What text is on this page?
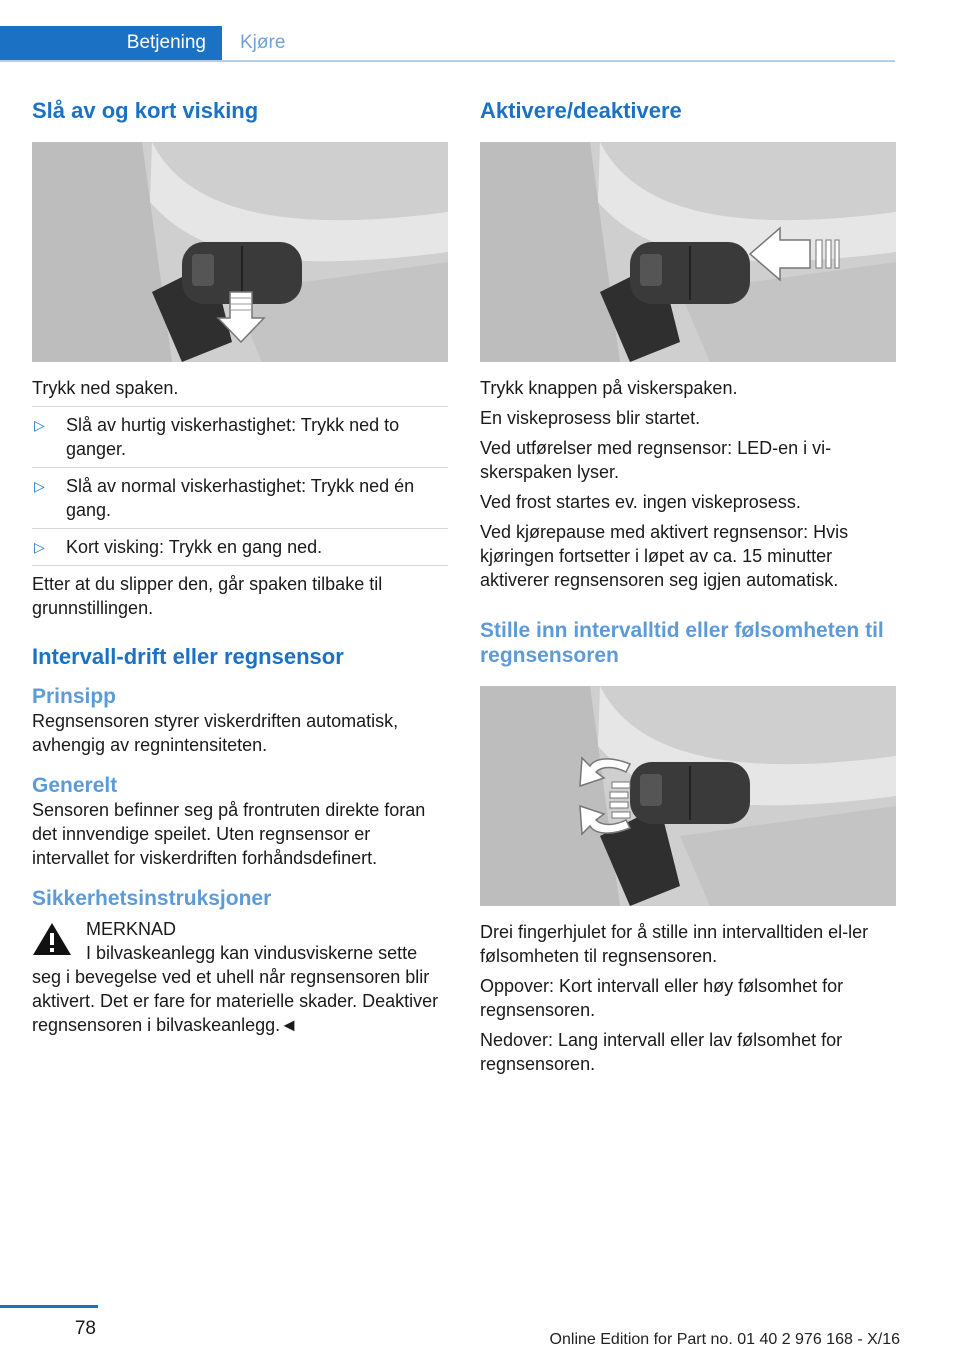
Betjening	Kjøre
Slå av og kort visking

Trykk ned spaken.

▷ Slå av hurtig viskerhastighet: Trykk ned to ganger.
▷ Slå av normal viskerhastighet: Trykk ned én gang.
▷ Kort visking: Trykk en gang ned.

Etter at du slipper den, går spaken tilbake til grunnstillingen.

Intervall-drift eller regnsensor
Prinsipp

Regnsensoren styrer viskerdriften automatisk, avhengig av regnintensiteten.

Generelt

Sensoren befinner seg på frontruten direkte foran det innvendige speilet. Uten regnsensor er intervallet for viskerdriften forhåndsdefinert.

Sikkerhetsinstruksjoner

MERKNAD

I bilvaskeanlegg kan vindusviskerne sette seg i bevegelse ved et uhell når regnsensoren blir aktivert. Det er fare for materielle skader. Deaktiver regnsensoren i bilvaskeanlegg.◄

Aktivere/deaktivere

Trykk knappen på viskerspaken.

En viskeprosess blir startet.

Ved utførelser med regnsensor: LED-en i vi-skerspaken lyser.

Ved frost startes ev. ingen viskeprosess.

Ved kjørepause med aktivert regnsensor: Hvis kjøringen fortsetter i løpet av ca. 15 minutter aktiverer regnsensoren seg igjen automatisk.

Stille inn intervalltid eller følsomheten til regnsensoren

Drei fingerhjulet for å stille inn intervalltiden el-ler følsomheten til regnsensoren.

Oppover: Kort intervall eller høy følsomhet for regnsensoren.

Nedover: Lang intervall eller lav følsomhet for regnsensoren.

78
Online Edition for Part no. 01 40 2 976 168 - X/16
